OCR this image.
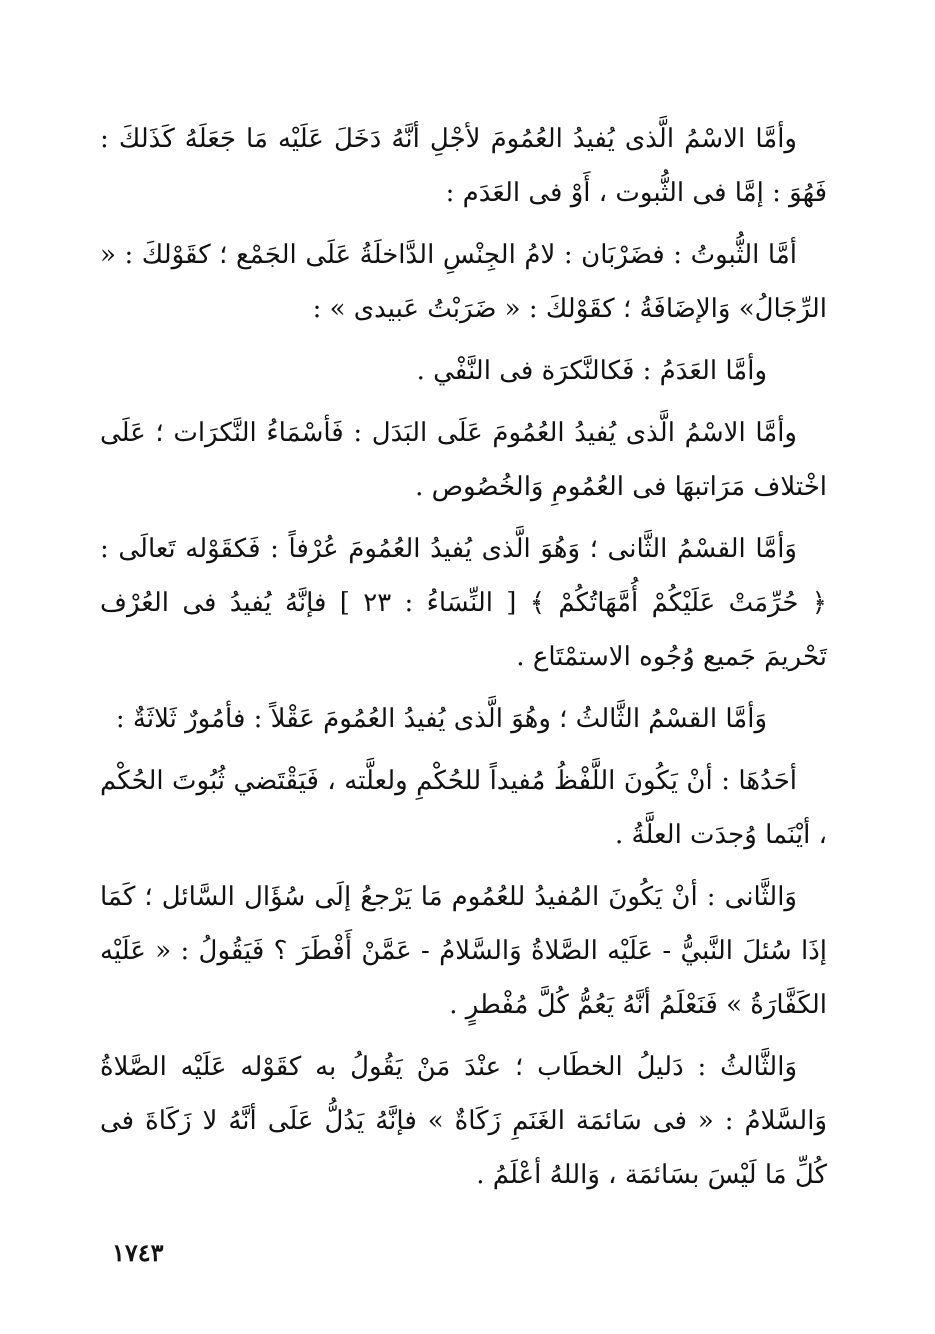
وأمَّا الاسْمُ الَّذى يُفيدُ العُمُومَ لأجْلِ أنَّهُ دَخَلَ عَلَيْه مَا جَعَلَهُ كَذَلكَ : فَهُوَ : إمَّا فى الثُّبوت ، أَوْ فى العَدَم :

أمَّا الثُّبوتُ : فضَرْبَان : لامُ الجِنْسِ الدَّاخلَةُ عَلَى الجَمْع ؛ كقَوْلكَ : « الرِّجَالُ» وَالإضَافَةُ ؛ كقَوْلكَ : « ضَرَبْتُ عَبيدى » :

وأمَّا العَدَمُ : فَكالنَّكرَة فى النَّفْي .

وأمَّا الاسْمُ الَّذى يُفيدُ العُمُومَ عَلَى البَدَل : فَأسْمَاءُ النَّكرَات ؛ عَلَى اخْتلاف مَرَاتبهَا فى العُمُومِ وَالخُصُوص .

وَأمَّا القسْمُ الثَّانى ؛ وَهُوَ الَّذى يُفيدُ العُمُومَ عُرْفاً : فَكقَوْله تَعالَى : ﴿ حُرِّمَتْ عَلَيْكُمْ أُمَّهَاتُكُمْ ﴾ [ النِّسَاءُ : ٢٣ ] فإنَّهُ يُفيدُ فى العُرْف تَحْريمَ جَميع وُجُوه الاستمْتَاع .

وَأمَّا القسْمُ الثَّالثُ ؛ وهُوَ الَّذى يُفيدُ العُمُومَ عَقْلاً : فأمُورٌ ثَلاثَةٌ :

أحَدُهَا : أنْ يَكُونَ اللَّفْظُ مُفيداً للحُكْمِ ولعلَّته ، فَيَقْتَضي ثُبُوتَ الحُكْم ، أيْنَما وُجدَت العلَّةُ .

وَالثَّانى : أنْ يَكُونَ المُفيدُ للعُمُوم مَا يَرْجعُ إلَى سُؤَال السَّائل ؛ كَمَا إذَا سُئلَ النَّبيُّ - عَلَيْه الصَّلاةُ وَالسَّلامُ - عَمَّنْ أَفْطَرَ ؟ فَيَقُولُ : « عَلَيْه الكَفَّارَةُ » فَنَعْلَمُ أنَّهُ يَعُمُّ كُلَّ مُفْطرٍ .

وَالثَّالثُ : دَليلُ الخطَاب ؛ عنْدَ مَنْ يَقُولُ به كقَوْله عَلَيْه الصَّلاةُ وَالسَّلامُ : « فى سَائمَة الغَنَمِ زَكَاةٌ » فإنَّهُ يَدُلُّ عَلَى أنَّهُ لا زَكَاةَ فى كُلِّ مَا لَيْسَ بسَائمَة ، وَاللهُ أعْلَمُ .

١٧٤٣
